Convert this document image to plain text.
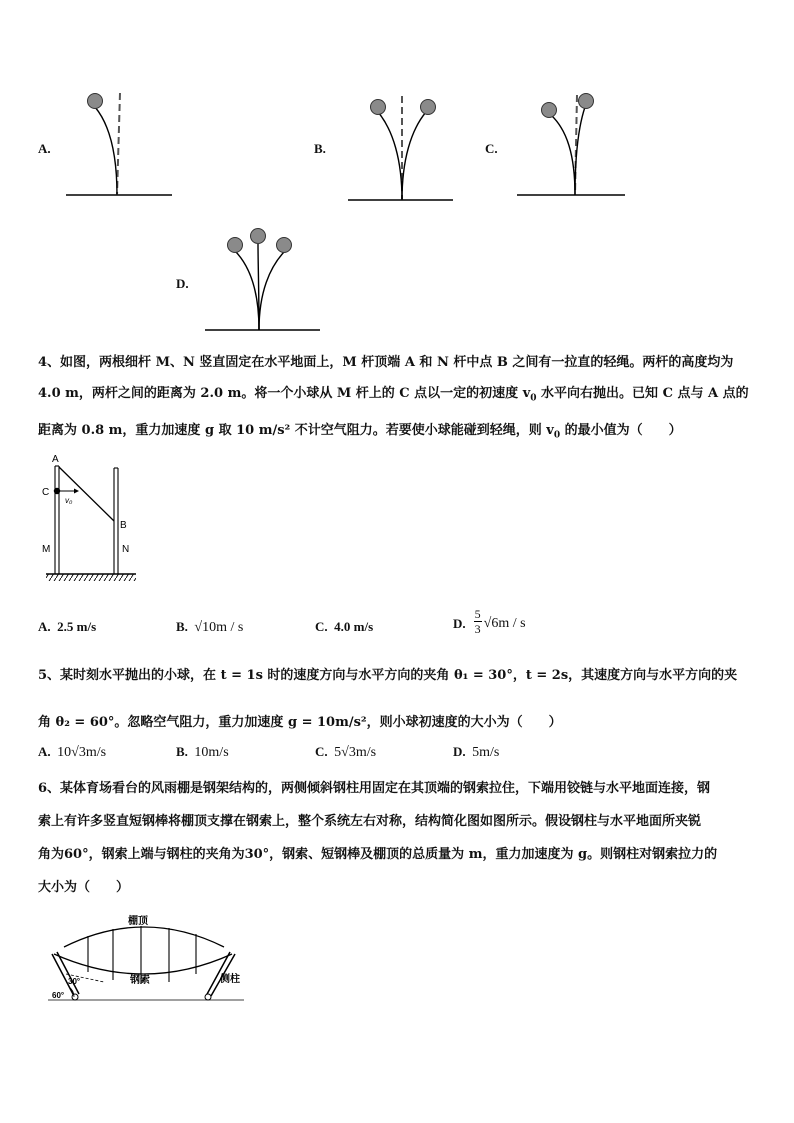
A.	B.	C.
D.
4、如图，两根细杆 M、N 竖直固定在水平地面上，M 杆顶端 A 和 N 杆中点 B 之间有一拉直的轻绳。两杆的高度均为 4.0 m，两杆之间的距离为 2.0 m。将一个小球从 M 杆上的 C 点以一定的初速度 $v_0$ 水平向右抛出。已知 C 点与 A 点的距离为 0.8 m，重力加速度 g 取 10 m/s² 不计空气阻力。若要使小球能碰到轻绳，则 $v_0$ 的最小值为（　　）
A
C
v₀
B
M	N
A. 2.5 m/s	B. √10m / s	C. 4.0 m/s	D. $\frac{5}{3} √6m$ / s
5、某时刻水平抛出的小球，在 t = 1s 时的速度方向与水平方向的夹角 θ₁ = 30°，t = 2s，其速度方向与水平方向的夹
角 θ₂ = 60°。忽略空气阻力，重力加速度 g = 10m/s²，则小球初速度的大小为（　　）
A. 10√3m/s	B. 10m/s	C. 5√3m/s	D. 5m/s
6、某体育场看台的风雨棚是钢架结构的，两侧倾斜钢柱用固定在其顶端的钢索拉住，下端用铰链与水平地面连接，钢
索上有许多竖直短钢棒将棚顶支撑在钢索上，整个系统左右对称，结构简化图如图所示。假设钢柱与水平地面所夹锐
角为60°，钢索上端与钢柱的夹角为30°，钢索、短钢棒及棚顶的总质量为 m，重力加速度为 g。则钢柱对钢索拉力的
大小为（　　）
棚顶
30°	钢索	侧柱
60°
